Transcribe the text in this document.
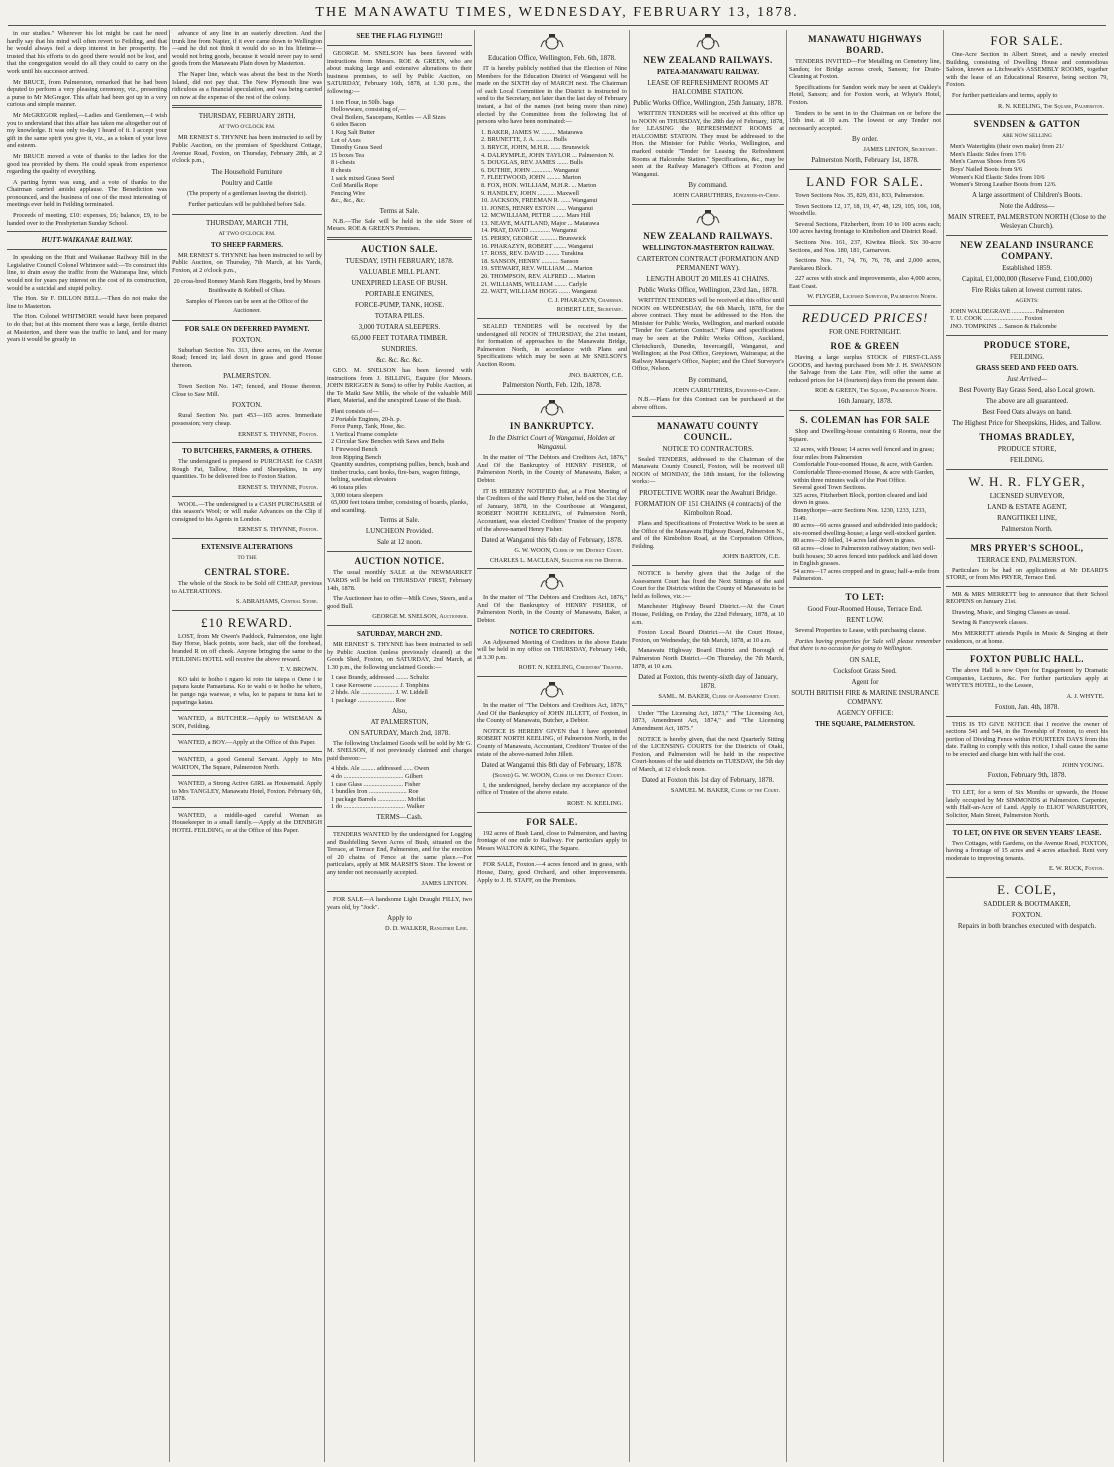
THE MANAWATU TIMES, WEDNESDAY, FEBRUARY 13, 1878.

in our studies." Wherever his lot might be cast he need hardly say that his mind will often revert to Feilding, and that he would always feel a deep interest in her prosperity. He trusted that his efforts to do good there would not be lost, and that the congregation would do all they could to carry on the work until his successor arrived.

Mr BRUCE, from Palmerston, remarked that he had been deputed to perform a very pleasing ceremony, viz., presenting a purse to Mr McGregor. This affair had been got up in a very curious and simple manner.

Mr McGREGOR replied,—Ladies and Gentlemen,—I wish you to understand that this affair has taken me altogether out of my knowledge. It was only to-day I heard of it. I accept your gift in the same spirit you give it, viz., as a token of your love and esteem.

Mr BRUCE moved a vote of thanks to the ladies for the good tea provided by them. He could speak from experience regarding the quality of everything.

A parting hymn was sung, and a vote of thanks to the Chairman carried amidst applause. The Benediction was pronounced, and the business of one of the most interesting of meetings ever held in Feilding terminated.

Proceeds of meeting, £10: expenses, £6; balance, £9, to be handed over to the Presbyterian Sunday School.

HUTT-WAIKANAE RAILWAY.

In speaking on the Hutt and Waikanae Railway Bill in the Legislative Council Colonel Whitmore said:—To construct this line, to drain away the traffic from the Wairarapa line, which would not for years pay interest on the cost of its construction, would be a suicidal and stupid policy.

The Hon. Sir F. DILLON BELL.—Then do not make the line to Masterton.

The Hon. Colonel WHITMORE would have been prepared to do that; but at this moment there was a large, fertile district at Masterton, and there was the traffic to land, and for many years it would be greatly in

advance of any line in an easterly direction. And the trunk line from Napier, if it ever came down to Wellington—and he did not think it would do so in his lifetime—would not bring goods, because it would never pay to send goods from the Manawatu Plain down by Masterton.

The Naper line, which was about the best in the North Island, did not pay that. The New Plymouth line was ridiculous as a financial speculation, and was being carried on now at the expense of the rest of the colony.

THURSDAY, FEBRUARY 28TH,
AT TWO O'CLOCK P.M.

MR ERNEST S. THYNNE has been instructed to sell by Public Auction, on the premises of Speckhurst Cottage, Avenue Road, Foxton, on Thursday, February 28th, at 2 o'clock p.m.,

The Household Furniture
Poultry and Cattle
(The property of a gentleman leaving the district).
Further particulars will be published before Sale.
THURSDAY, MARCH 7TH,
AT TWO O'CLOCK P.M.
TO SHEEP FARMERS.

MR ERNEST S. THYNNE has been instructed to sell by Public Auction, on Thursday, 7th March, at his Yards, Foxton, at 2 o'clock p.m.,

20 cross-bred Romney Marsh Ram Hoggetts, bred by Messrs Braithwaite & Kebbell of Ohau.
Samples of Fleeces can be seen at the Office of the Auctioneer.
FOR SALE ON DEFERRED PAYMENT.
FOXTON.

Suburban Section No. 313, three acres, on the Avenue Road; fenced in; laid down in grass and good House thereon.

PALMERSTON.

Town Section No. 147; fenced, and House thereon. Close to Saw Mill.

FOXTON.

Rural Section No. part 453—165 acres. Immediate possession; very cheap.

ERNEST S. THYNNE, Foxton.
TO BUTCHERS, FARMERS, & OTHERS.

The undersigned is prepared to PURCHASE for CASH Rough Fat, Tallow, Hides and Sheepskins, in any quantities. To be delivered free to Foxton Station.

ERNEST S. THYNNE, Foxton.

WOOL.—The undersigned is a CASH PURCHASER of this season's Wool; or will make Advances on the Clip if consigned to his Agents in London.

ERNEST S. THYNNE, Foxton.
EXTENSIVE ALTERATIONS
TO THE
CENTRAL STORE.

The whole of the Stock to be Sold off CHEAP, previous to ALTERATIONS.

S. ABRAHAMS, Central Store.
£10 REWARD.

LOST, from Mr Owen's Paddock, Palmerston, one light Bay Horse, black points, sore back, star off the forehead, branded R on off cheek. Anyone bringing the same to the FEILDING HOTEL will receive the above reward.

T. V. BROWN.

KO tahi te hoiho i ngaro ki roto ite taiepa o Oene i te papara kaute Pamaetana. Ko te wahi o te hoiho he whero, he pango nga waewae, e wha, ko te papara te tuna kei te paparinga katau.

WANTED, a BUTCHER.—Apply to WISEMAN & SON, Feilding.

WANTED, a BOY.—Apply at the Office of this Paper.

WANTED, a good General Servant. Apply to Mrs WARTON, The Square, Palmerston North.

WANTED, a Strong Active GIRL as Housemaid. Apply to Mrs TANGLEY, Manawatu Hotel, Foxton. February 6th, 1878.

WANTED, a middle-aged careful Woman as Housekeeper in a small family.—Apply at the DENBIGH HOTEL FEILDING, or at the Office of this Paper.

SEE THE FLAG FLYING!!!

GEORGE M. SNELSON has been favored with instructions from Messrs. ROE & GREEN, who are about making large and extensive alterations to their business premises, to sell by Public Auction, on SATURDAY, February 16th, 1878, at 1.30 p.m., the following:—

1 ton Flour, in 50lb. bags
Hollowware, consisting of,—
Oval Boilers, Saucepans, Kettles — All Sizes
6 sides Bacon
1 Keg Salt Butter
Lot of Axes
Timothy Grass Seed
15 boxes Tea
8 i-chests
8 chests
1 sack mixed Grass Seed
Coil Manilla Rope
Fencing Wire
&c., &c., &c.
Terms at Sale.

N.B.—The Sale will be held in the side Store of Messrs. ROE & GREEN'S Premises.

AUCTION SALE.
TUESDAY, 19TH FEBRUARY, 1878.
VALUABLE MILL PLANT.
UNEXPIRED LEASE OF BUSH.
PORTABLE ENGINES,
FORCE-PUMP, TANK, HOSE.
TOTARA PILES.
3,000 TOTARA SLEEPERS.
65,000 FEET TOTARA TIMBER.
SUNDRIES.
&c. &c. &c. &c.

GEO. M. SNELSON has been favored with instructions from J. BILLING, Esquire (for Messrs. JOHN BRIGGEN & Sons) to offer by Public Auction, at the Te Maiki Saw Mills, the whole of the valuable Mill Plant, Material, and the unexpired Lease of the Bush.

Plant consists of—
2 Portable Engines, 20-h. p.
Force Pump, Tank, Hose, &c.
1 Vertical Frame complete
2 Circular Saw Benches with Saws and Belts
1 Firewood Bench
Iron Ripping Bench
Quantity sundries, comprising pullies, bench, bush and timber trucks, cant hooks, fire-bars, wagon fittings, belting, sawdust elevators
46 totara piles
3,000 totara sleepers
65,000 feet totara timber, consisting of boards, planks, and scantling.
Terms at Sale.
LUNCHEON Provided.
Sale at 12 noon.
AUCTION NOTICE.

The usual monthly SALE at the NEWMARKET YARDS will be held on THURSDAY FIRST, February 14th, 1878.

The Auctioneer has to offer—Milk Cows, Steers, and a good Bull.

GEORGE M. SNELSON, Auctioneer.
SATURDAY, MARCH 2ND.

MR ERNEST S. THYNNE has been instructed to sell by Public Auction (unless previously cleared) at the Goods Shed, Foxton, on SATURDAY, 2nd March, at 1.30 p.m., the following unclaimed Goods:—

1 case Brandy, addressed ........ Schultz
1 case Kerosene ................ J. Tonphins
2 hhds. Ale ..................... J. W. Liddell
1 package ....................... Roe
Also,
AT PALMERSTON,
ON SATURDAY, March 2nd, 1878.

The following Unclaimed Goods will be sold by Mr G. M. SNELSON, if not previously claimed and charges paid thereon:—

4 hhds. Ale ......... addressed ...... Owen
4 do ...................................... Gilbert
1 case Glass ......................... Fisher
1 bundles Iron ........................ Roe
1 package Barrels .................. Moffat
1 do ....................................... Walker
TERMS—Cash.

TENDERS WANTED by the undersigned for Logging and Bushfelling Seven Acres of Bush, situated on the Terrace, at Terrace End, Palmerston, and for the erection of 20 chains of Fence at the same place.—For particulars, apply at MR MARSH'S Store. The lowest or any tender not necessarily accepted.

JAMES LINTON.

FOR SALE—A handsome Light Draught FILLY, two years old, by "Jock".

Apply to
D. D. WALKER, Rangitikei Line.
Education Office, Wellington, Feb. 6th, 1878.

IT is hereby publicly notified that the Election of Nine Members for the Education District of Wanganui will be made on the SIXTH day of MARCH next. The Chairman of each Local Committee in the District is instructed to send to the Secretary, not later than the last day of February instant, a list of the names (not being more than nine) elected by the Committee from the following list of persons who have been nominated:—

1. BAKER, JAMES W. ......... Matarawa
2. BRUNETTE, J. A. .......... Bulls
3. BRYCE, JOHN, M.H.R. ...... Brunswick
4. DALRYMPLE, JOHN TAYLOR ... Palmerston N.
5. DOUGLAS, REV. JAMES ....... Bulls
6. DUTHIE, JOHN ............. Wanganui
7. FLEETWOOD, JOHN ......... Marton
8. FOX, HON. WILLIAM, M.H.R. ... Marton
9. HANDLEY, JOHN ........... Maxwell
10. JACKSON, FREEMAN R. ...... Wanganui
11. JONES, HENRY ESTON ...... Wanganui
12. MCWILLIAM, PETER ........ Mars Hill
13. NEAVE, MAITLAND, Major ... Matarawa
14. PRAT, DAVID ............. Wanganui
15. PERRY, GEORGE ........... Brunswick
16. PHARAZYN, ROBERT ........ Wanganui
17. ROSS, REV. DAVID ......... Turakina
18. SANSON, HENRY ........... Sanson
19. STEWART, REV. WILLIAM .... Marton
20. THOMPSON, REV. ALFRED .... Marton
21. WILLIAMS, WILLIAM ........ Carlyle
22. WATT, WILLIAM HOGG ....... Wanganui
C. J. PHARAZYN, Chairman.
ROBERT LEE, Secretary.

SEALED TENDERS will be received by the undersigned till NOON of THURSDAY, the 21st instant, for formation of approaches to the Manawatu Bridge, Palmerston North, in accordance with Plans and Specifications which may be seen at Mr SNELSON'S Auction Room.

JNO. BARTON, C.E.
Palmerston North, Feb. 12th, 1878.
IN BANKRUPTCY.
In the District Court of Wanganui, Holden at Wanganui.

In the matter of "The Debtors and Creditors Act, 1876," And Of the Bankruptcy of HENRY FISHER, of Palmerston North, in the County of Manawatu, Baker, a Debtor.

IT IS HEREBY NOTIFIED that, at a First Meeting of the Creditors of the said Henry Fisher, held on the 31st day of January, 1878, in the Courthouse at Wanganui, ROBERT NORTH KEELING, of Palmerston North, Accountant, was elected Creditors' Trustee of the property of the above-named Henry Fisher.

Dated at Wanganui this 6th day of February, 1878.
G. W. WOON, Clerk of the District Court.
CHARLES L. MACLEAN, Solicitor for the Debtor.

In the matter of "The Debtors and Creditors Act, 1876," And Of the Bankruptcy of HENRY FISHER, of Palmerston North, in the County of Manawatu, Baker, a Debtor.

NOTICE TO CREDITORS.

An Adjourned Meeting of Creditors in the above Estate will be held in my office on THURSDAY, February 14th, at 3.30 p.m.

ROBT. N. KEELING, Creditors' Trustee.

In the matter of "The Debtors and Creditors Act, 1876," And Of the Bankruptcy of JOHN JILLETT, of Foxton, in the County of Manawatu, Butcher, a Debtor.

NOTICE IS HEREBY GIVEN that I have appointed ROBERT NORTH KEELING, of Palmerston North, in the County of Manawatu, Accountant, Creditors' Trustee of the estate of the above-named John Jillett.

Dated at Wanganui this 8th day of February, 1878.
(Signed) G. W. WOON, Clerk of the District Court.

I, the undersigned, hereby declare my acceptance of the office of Trustee of the above estate.

ROBT. N. KEELING.
FOR SALE.

192 acres of Bush Land, close to Palmerston, and having frontage of one mile to Railway. For particulars apply to Messrs WALTON & KING, The Square.

FOR SALE, Foxton.—4 acres fenced and in grass, with House, Dairy, good Orchard, and other improvements. Apply to J. H. STAFF, on the Premises.

NEW ZEALAND RAILWAYS.
PATEA-MANAWATU RAILWAY.
LEASE OF REFRESHMENT ROOMS AT HALCOMBE STATION.
Public Works Office, Wellington, 25th January, 1878.

WRITTEN TENDERS will be received at this office up to NOON on THURSDAY, the 28th day of February, 1878, for LEASING the REFRESHMENT ROOMS at HALCOMBE STATION. They must be addressed to the Hon. the Minister for Public Works, Wellington, and marked outside "Tender for Leasing the Refreshment Rooms at Halcombe Station." Specifications, &c., may be seen at the Railway Manager's Offices at Foxton and Wanganui.

By command.
JOHN CARRUTHERS, Engineer-in-Chief.
NEW ZEALAND RAILWAYS.
WELLINGTON-MASTERTON RAILWAY.
CARTERTON CONTRACT (FORMATION AND PERMANENT WAY).
LENGTH ABOUT 20 MILES 41 CHAINS.
Public Works Office, Wellington, 23rd Jan., 1878.

WRITTEN TENDERS will be received at this office until NOON on WEDNESDAY, the 6th March, 1878, for the above contract. They must be addressed to the Hon. the Minister for Public Works, Wellington, and marked outside "Tender for Carterton Contract." Plans and specifications may be seen at the Public Works Offices, Auckland, Christchurch, Dunedin, Invercargill, Wanganui, and Wellington; at the Post Office, Greytown, Wairarapa; at the Railway Manager's Office, Napier; and the Chief Surveyor's Office, Nelson.

By command,
JOHN CARRUTHERS, Engineer-in-Chief.

N.B.—Plans for this Contract can be purchased at the above offices.

MANAWATU COUNTY COUNCIL.
NOTICE TO CONTRACTORS.

Sealed TENDERS, addressed to the Chairman of the Manawatu County Council, Foxton, will be received till NOON of MONDAY, the 18th instant, for the following works:—

PROTECTIVE WORK near the Awahuri Bridge.
FORMATION OF 151 CHAINS (4 contracts) of the Kimbolton Road.

Plans and Specifications of Protective Work to be seen at the Office of the Manawatu Highway Board, Palmerston N., and of the Kimbolton Road, at the Corporation Offices, Feilding.

JOHN BARTON, C.E.

NOTICE is hereby given that the Judge of the Assessment Court has fixed the Next Sittings of the said Court for the Districts within the County of Manawatu to be held as follows, viz.:—

Manchester Highway Board District.—At the Court House, Feilding, on Friday, the 22nd February, 1878, at 10 a.m.

Foxton Local Board District.—At the Court House, Foxton, on Wednesday, the 6th March, 1878, at 10 a.m.

Manawatu Highway Board District and Borough of Palmerston North District.—On Thursday, the 7th March, 1878, at 10 a.m.

Dated at Foxton, this twenty-sixth day of January, 1878.
SAML. M. BAKER, Clerk of Assessment Court.

Under "The Licensing Act, 1873," "The Licensing Act, 1873, Amendment Act, 1874," and "The Licensing Amendment Act, 1875."

NOTICE is hereby given, that the next Quarterly Sitting of the LICENSING COURTS for the Districts of Otaki, Foxton, and Palmerston will be held in the respective Court-houses of the said districts on TUESDAY, the 5th day of March, at 12 o'clock noon.

Dated at Foxton this 1st day of February, 1878.
SAMUEL M. BAKER, Clerk of the Court.
MANAWATU HIGHWAYS BOARD.

TENDERS INVITED—For Metalling on Cemetery line, Sandon; for Bridge across creek, Sanson; for Drain-Cleaning at Foxton.

Specifications for Sandon work may be seen at Oakley's Hotel, Sanson; and for Foxton work, at Whyte's Hotel, Foxton.

Tenders to be sent in to the Chairman on or before the 15th inst. at 10 a.m. The lowest or any Tender not necessarily accepted.

By order.
JAMES LINTON, Secretary.
Palmerston North, February 1st, 1878.
LAND FOR SALE.

Town Sections Nos. 35, 829, 831, 833, Palmerston.

Town Sections 12, 17, 18, 19, 47, 48, 129, 105, 106, 108, Woodville.

Several Sections, Fitzherbert, from 10 to 100 acres each; 100 acres having frontage to Kimbolton and District Road.

Sections Nos. 161, 237, Kiwitea Block. Six 30-acre Sections, and Nos. 180, 181, Carnarvon.

Sections Nos. 71, 74, 76, 76, 78, and 2,000 acres, Parekareu Block.

227 acres with stock and improvements, also 4,000 acres, East Coast.

W. FLYGER, Licensed Surveyor, Palmerston North.
REDUCED PRICES!
FOR ONE FORTNIGHT.
ROE & GREEN

Having a large surplus STOCK of FIRST-CLASS GOODS, and having purchased from Mr J. H. SWANSON the Salvage from the Late Fire, will offer the same at reduced prices for 14 (fourteen) days from the present date.

ROE & GREEN, The Square, Palmerston North.
16th January, 1878.
S. COLEMAN has FOR SALE

Shop and Dwelling-house containing 6 Rooms, near the Square.

32 acres, with House; 14 acres well fenced and in grass; four miles from Palmerston
Comfortable Four-roomed House, & acre, with Garden.
Comfortable Three-roomed House, & acre with Garden, within three minutes walk of the Post Office.
Several good Town Sections.
325 acres, Fitzherbert Block, portion cleared and laid down in grass.
Bunnythorpe—acre Sections Nos. 1230, 1233, 1233, 1149.
80 acres—66 acres grassed and subdivided into paddock; six-roomed dwelling-house; a large well-stocked garden.
80 acres—20 felled, 14 acres laid down in grass.
68 acres—close to Palmerston railway station; two well-built houses; 30 acres fenced into paddock and laid down in English grasses.
54 acres—17 acres cropped and in grass; half-a-mile from Palmerston.
TO LET:
Good Four-Roomed House, Terrace End.
RENT LOW.

Several Properties to Lease, with purchasing clause.

Parties having properties for Sale will please remember that there is no occasion for going to Wellington.

ON SALE,
Cocksfoot Grass Seed.
Agent for
SOUTH BRITISH FIRE & MARINE INSURANCE COMPANY.
AGENCY OFFICE:
THE SQUARE, PALMERSTON.
FOR SALE.

One-Acre Section in Albert Street, and a newly erected Building, consisting of Dwelling House and commodious Saloon, known as Litchwark's ASSEMBLY ROOMS, together with the lease of an Educational Reserve, being section 79, Foxton.

For further particulars and terms, apply to

R. N. KEELING, The Square, Palmerston.
SVENDSEN & GATTON
ARE NOW SELLING
Men's Watertights (their own make) from 21/
Men's Elastic Sides from 17/6
Men's Canvas Shoes from 5/6
Boys' Nailed Boots from 9/6
Women's Kid Elastic Sides from 10/6
Women's Strong Leather Boots from 12/6.
A large assortment of Children's Boots.
Note the Address—
MAIN STREET, PALMERSTON NORTH (Close to the Wesleyan Church).
NEW ZEALAND INSURANCE COMPANY.
Established 1859.
Capital, £1,000,000 (Reserve Fund, £100,000)
Fire Risks taken at lowest current rates.
AGENTS:
JOHN WALDEGRAVE .............. Palmerston
T. U. COOK ......................... Foxton
JNO. TOMPKINS ... Sanson & Halcombe
PRODUCE STORE,
FEILDING.
GRASS SEED AND FEED OATS.
Just Arrived—
Best Poverty Bay Grass Seed, also Local grown.
The above are all guaranteed.
Best Feed Oats always on hand.
The Highest Price for Sheepskins, Hides, and Tallow.
THOMAS BRADLEY,
PRODUCE STORE,
FEILDING.
W. H. R. FLYGER,
LICENSED SURVEYOR,
LAND & ESTATE AGENT,
RANGITIKEI LINE,
Palmerston North.
MRS PRYER'S SCHOOL,
TERRACE END, PALMERSTON.

Particulars to be had on applications at Mr DEARD'S STORE, or from Mrs PRYER, Terrace End.

MR & MRS MERRETT beg to announce that their School REOPENS on January 21st.

Drawing, Music, and Singing Classes as usual.

Sewing & Fancywork classes.

Mrs MERRETT attends Pupils in Music & Singing at their residences, or at home.

FOXTON PUBLIC HALL.

The above Hall is now Open for Engagement by Dramatic Companies, Lectures, &c. For further particulars apply at WHYTE'S HOTEL, to the Lessee,

A. J. WHYTE.
Foxton, Jan. 4th, 1878.

THIS IS TO GIVE NOTICE that I receive the owner of sections 541 and 544, in the Township of Foxton, to erect his portion of Dividing Fence within FOURTEEN DAYS from this date. Failing to comply with this notice, I shall cause the same to be erected and charge him with half the cost.

JOHN YOUNG.
Foxton, February 9th, 1878.

TO LET, for a term of Six Months or upwards, the House lately occupied by Mr SIMMONDS at Palmerston. Carpenter, with Half-an-Acre of Land. Apply to ELIOT WARBURTON, Solicitor, Main Street, Palmerston North.

TO LET, ON FIVE OR SEVEN YEARS' LEASE.

Two Cottages, with Gardens, on the Avenue Road, FOXTON, having a frontage of 15 acres and 4 acres attached. Rent very moderate to improving tenants.

E. W. RUCK, Foxton.
E. COLE,
SADDLER & BOOTMAKER,
FOXTON.
Repairs in both branches executed with despatch.
